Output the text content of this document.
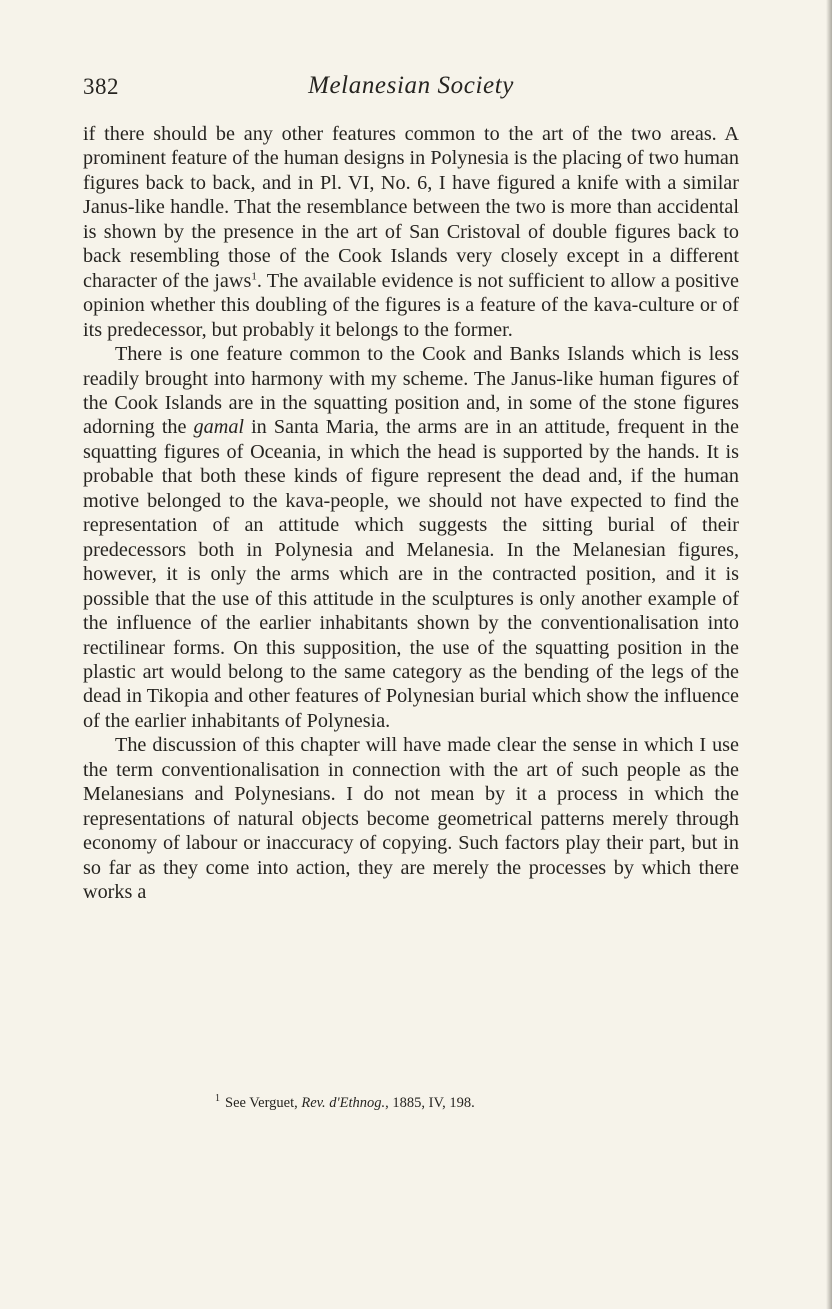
382	Melanesian Society

if there should be any other features common to the art of the two areas. A prominent feature of the human designs in Polynesia is the placing of two human figures back to back, and in Pl. VI, No. 6, I have figured a knife with a similar Janus-like handle. That the resemblance between the two is more than accidental is shown by the presence in the art of San Cristoval of double figures back to back resembling those of the Cook Islands very closely except in a different character of the jaws$^1$. The available evidence is not sufficient to allow a positive opinion whether this doubling of the figures is a feature of the kava-culture or of its predecessor, but probably it belongs to the former.

There is one feature common to the Cook and Banks Islands which is less readily brought into harmony with my scheme. The Janus-like human figures of the Cook Islands are in the squatting position and, in some of the stone figures adorning the gamal in Santa Maria, the arms are in an attitude, frequent in the squatting figures of Oceania, in which the head is supported by the hands. It is probable that both these kinds of figure represent the dead and, if the human motive belonged to the kava-people, we should not have expected to find the representation of an attitude which suggests the sitting burial of their predecessors both in Polynesia and Melanesia. In the Melanesian figures, however, it is only the arms which are in the contracted position, and it is possible that the use of this attitude in the sculptures is only another example of the influence of the earlier inhabitants shown by the conventionalisation into rectilinear forms. On this supposition, the use of the squatting position in the plastic art would belong to the same category as the bending of the legs of the dead in Tikopia and other features of Polynesian burial which show the influence of the earlier inhabitants of Polynesia.

The discussion of this chapter will have made clear the sense in which I use the term conventionalisation in connection with the art of such people as the Melanesians and Polynesians. I do not mean by it a process in which the representations of natural objects become geometrical patterns merely through economy of labour or inaccuracy of copying. Such factors play their part, but in so far as they come into action, they are merely the processes by which there works a

$^1$ See Verguet, Rev. d'Ethnog., 1885, IV, 198.
